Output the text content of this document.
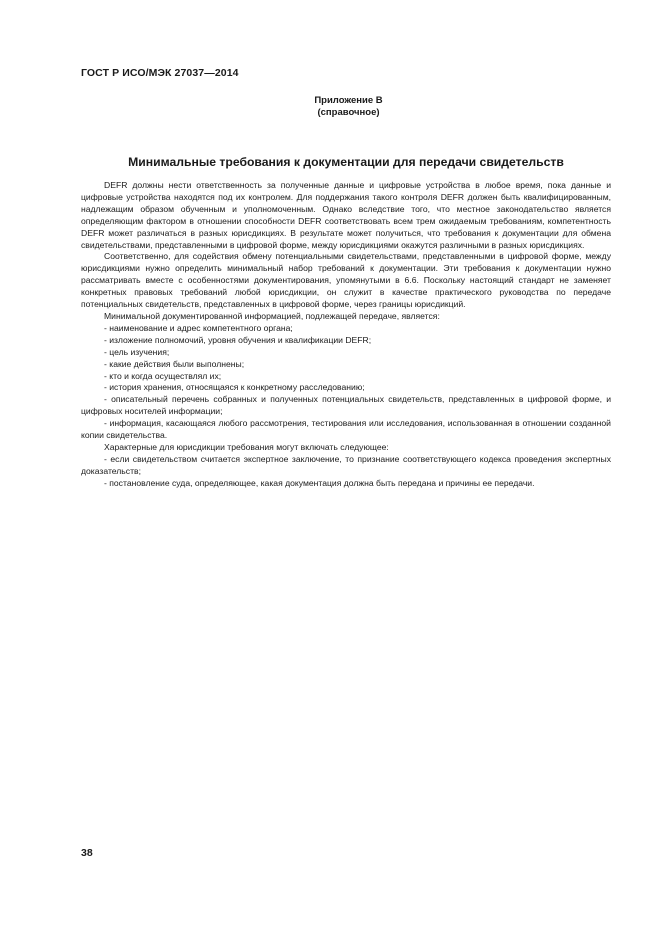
ГОСТ Р ИСО/МЭК 27037—2014
Приложение В
(справочное)
Минимальные требования к документации для передачи свидетельств

DEFR должны нести ответственность за полученные данные и цифровые устройства в любое время, пока данные и цифровые устройства находятся под их контролем. Для поддержания такого контроля DEFR должен быть квалифицированным, надлежащим образом обученным и уполномоченным. Однако вследствие того, что местное законодательство является определяющим фактором в отношении способности DEFR соответствовать всем трем ожидаемым требованиям, компетентность DEFR может различаться в разных юрисдикциях. В результате может получиться, что требования к документации для обмена свидетельствами, представленными в цифровой форме, между юрисдикциями окажутся различными в разных юрисдикциях.

Соответственно, для содействия обмену потенциальными свидетельствами, представленными в цифровой форме, между юрисдикциями нужно определить минимальный набор требований к документации. Эти требования к документации нужно рассматривать вместе с особенностями документирования, упомянутыми в 6.6. Поскольку настоящий стандарт не заменяет конкретных правовых требований любой юрисдикции, он служит в качестве практического руководства по передаче потенциальных свидетельств, представленных в цифровой форме, через границы юрисдикций.

Минимальной документированной информацией, подлежащей передаче, является:

- наименование и адрес компетентного органа;

- изложение полномочий, уровня обучения и квалификации DEFR;

- цель изучения;

- какие действия были выполнены;

- кто и когда осуществлял их;

- история хранения, относящаяся к конкретному расследованию;

- описательный перечень собранных и полученных потенциальных свидетельств, представленных в цифровой форме, и цифровых носителей информации;

- информация, касающаяся любого рассмотрения, тестирования или исследования, использованная в отношении созданной копии свидетельства.

Характерные для юрисдикции требования могут включать следующее:

- если свидетельством считается экспертное заключение, то признание соответствующего кодекса проведения экспертных доказательств;

- постановление суда, определяющее, какая документация должна быть передана и причины ее передачи.

38
